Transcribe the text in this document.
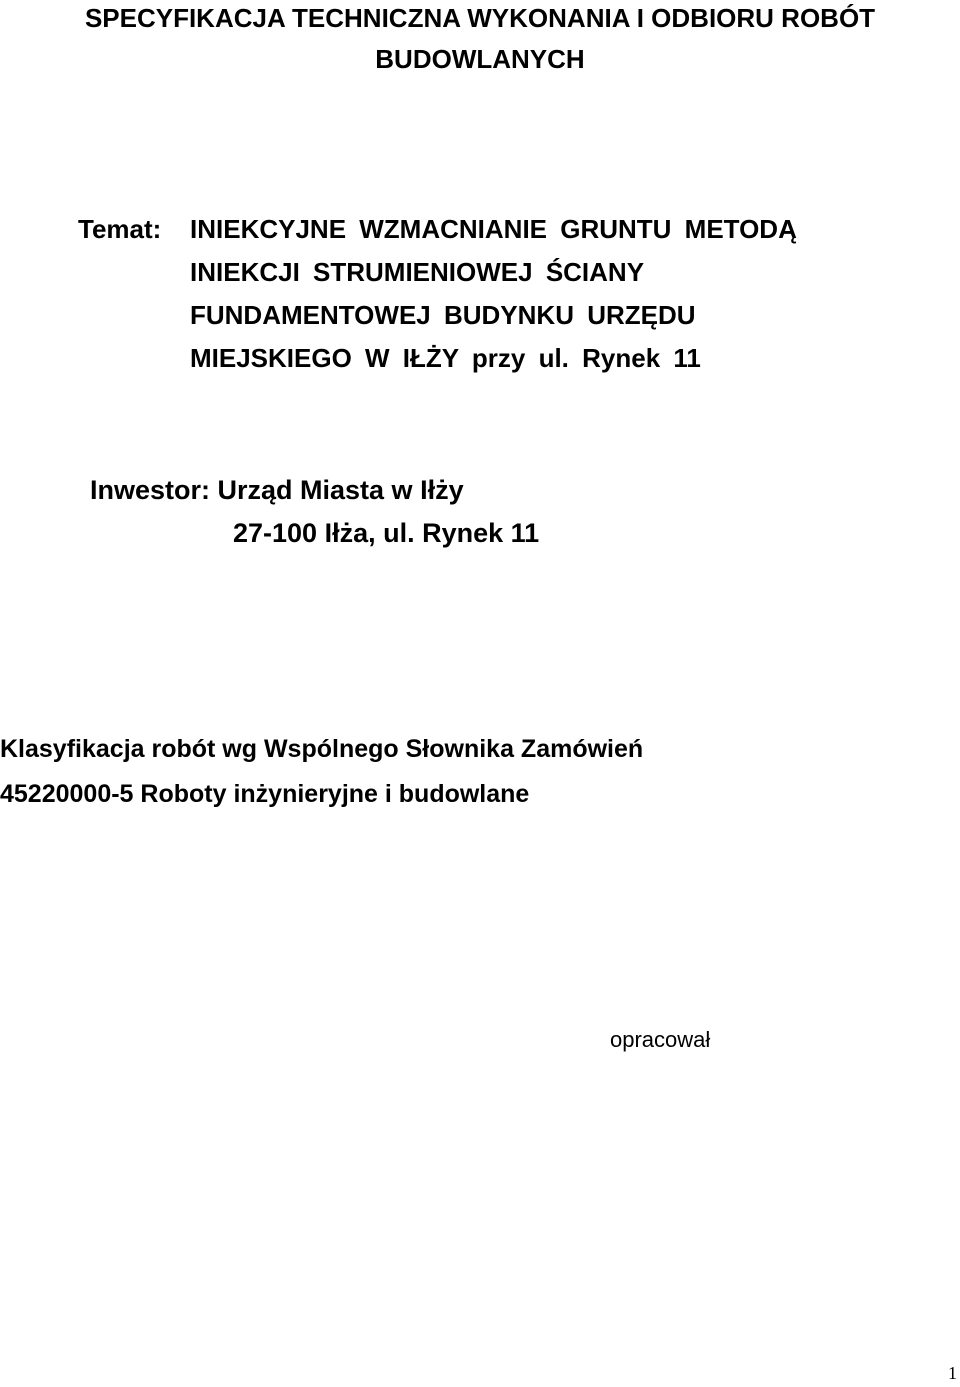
SPECYFIKACJA TECHNICZNA WYKONANIA I ODBIORU ROBÓT
BUDOWLANYCH
Temat: INIEKCYJNE WZMACNIANIE GRUNTU METODĄ
INIEKCJI STRUMIENIOWEJ ŚCIANY
FUNDAMENTOWEJ BUDYNKU URZĘDU
MIEJSKIEGO W IŁŻY przy ul. Rynek 11
Inwestor: Urząd Miasta w Iłży
27-100 Iłża, ul. Rynek 11
Klasyfikacja robót wg Wspólnego Słownika Zamówień
45220000-5 Roboty inżynieryjne i budowlane
opracował
1
